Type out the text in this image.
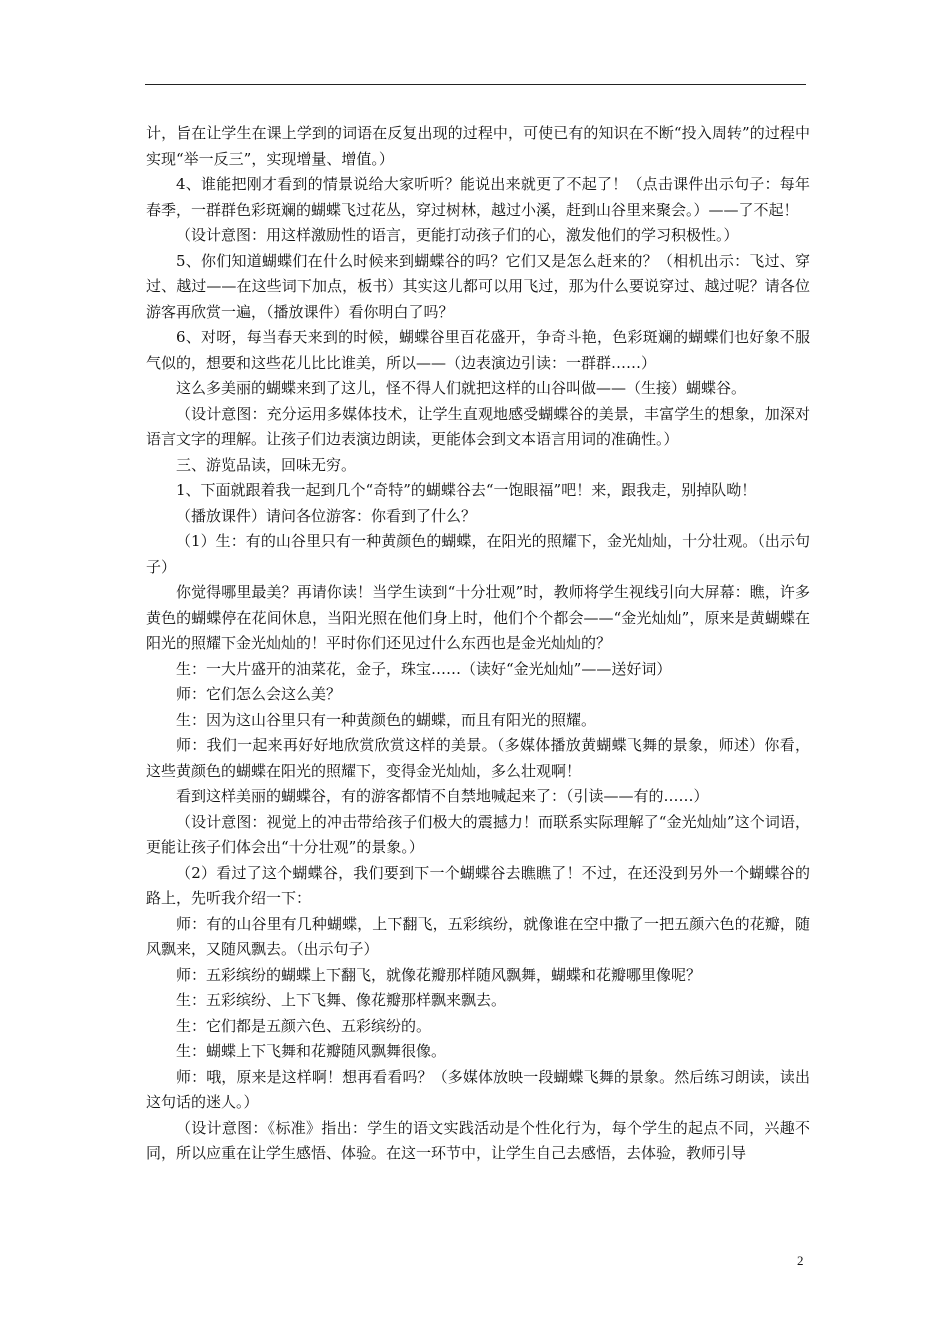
计，旨在让学生在课上学到的词语在反复出现的过程中，可使已有的知识在不断“投入周转”的过程中实现“举一反三”，实现增量、增值。）

4、谁能把刚才看到的情景说给大家听听？能说出来就更了不起了！（点击课件出示句子：每年春季，一群群色彩斑斓的蝴蝶飞过花丛，穿过树林，越过小溪，赶到山谷里来聚会。）——了不起！

（设计意图：用这样激励性的语言，更能打动孩子们的心，激发他们的学习积极性。）

5、你们知道蝴蝶们在什么时候来到蝴蝶谷的吗？它们又是怎么赶来的？（相机出示：飞过、穿过、越过——在这些词下加点，板书）其实这儿都可以用飞过，那为什么要说穿过、越过呢？请各位游客再欣赏一遍，（播放课件）看你明白了吗？

6、对呀，每当春天来到的时候，蝴蝶谷里百花盛开，争奇斗艳，色彩斑斓的蝴蝶们也好象不服气似的，想要和这些花儿比比谁美，所以——（边表演边引读：一群群……）

这么多美丽的蝴蝶来到了这儿，怪不得人们就把这样的山谷叫做——（生接）蝴蝶谷。

（设计意图：充分运用多媒体技术，让学生直观地感受蝴蝶谷的美景，丰富学生的想象，加深对语言文字的理解。让孩子们边表演边朗读，更能体会到文本语言用词的准确性。）

三、游览品读，回味无穷。

1、下面就跟着我一起到几个“奇特”的蝴蝶谷去“一饱眼福”吧！来，跟我走，别掉队呦！

（播放课件）请问各位游客：你看到了什么？

（1）生：有的山谷里只有一种黄颜色的蝴蝶，在阳光的照耀下，金光灿灿，十分壮观。（出示句子）

你觉得哪里最美？再请你读！当学生读到“十分壮观”时，教师将学生视线引向大屏幕：瞧，许多黄色的蝴蝶停在花间休息，当阳光照在他们身上时，他们个个都会——“金光灿灿”，原来是黄蝴蝶在阳光的照耀下金光灿灿的！平时你们还见过什么东西也是金光灿灿的？

生：一大片盛开的油菜花，金子，珠宝……（读好“金光灿灿”——送好词）

师：它们怎么会这么美？

生：因为这山谷里只有一种黄颜色的蝴蝶，而且有阳光的照耀。

师：我们一起来再好好地欣赏欣赏这样的美景。（多媒体播放黄蝴蝶飞舞的景象，师述）你看，这些黄颜色的蝴蝶在阳光的照耀下，变得金光灿灿，多么壮观啊！

看到这样美丽的蝴蝶谷，有的游客都情不自禁地喊起来了：（引读——有的……）

（设计意图：视觉上的冲击带给孩子们极大的震撼力！而联系实际理解了“金光灿灿”这个词语，更能让孩子们体会出“十分壮观”的景象。）

（2）看过了这个蝴蝶谷，我们要到下一个蝴蝶谷去瞧瞧了！不过，在还没到另外一个蝴蝶谷的路上，先听我介绍一下：

师：有的山谷里有几种蝴蝶，上下翻飞，五彩缤纷，就像谁在空中撒了一把五颜六色的花瓣，随风飘来，又随风飘去。（出示句子）

师：五彩缤纷的蝴蝶上下翻飞，就像花瓣那样随风飘舞，蝴蝶和花瓣哪里像呢？

生：五彩缤纷、上下飞舞、像花瓣那样飘来飘去。

生：它们都是五颜六色、五彩缤纷的。

生：蝴蝶上下飞舞和花瓣随风飘舞很像。

师：哦，原来是这样啊！想再看看吗？（多媒体放映一段蝴蝶飞舞的景象。然后练习朗读，读出这句话的迷人。）

（设计意图：《标准》指出：学生的语文实践活动是个性化行为，每个学生的起点不同，兴趣不同，所以应重在让学生感悟、体验。在这一环节中，让学生自己去感悟，去体验，教师引导

2
